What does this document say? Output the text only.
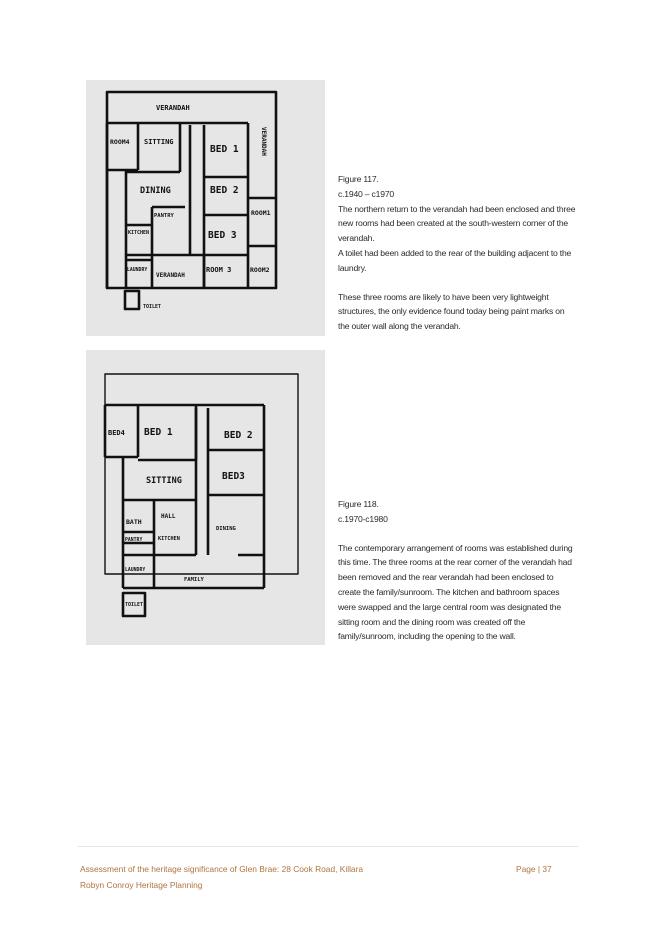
VERANDAH
VERANDAH
ROOM4 SITTING
BED 1
DINING	BED 2
PANTRY	ROOM1
KITCHEN	BED 3
LAUNDRY
VERANDAH
ROOM 3	ROOM2
TOILET

Figure 117.

c.1940 – c1970

The northern return to the verandah had been enclosed and three new rooms had been created at the south-western corner of the verandah.

A toilet had been added to the rear of the building adjacent to the laundry.

These three rooms are likely to have been very lightweight structures, the only evidence found today being paint marks on the outer wall along the verandah.

BED4 BED 1	BED 2
SITTING	BED3
BATH
HALL
DINING
KITCHEN
PANTRY
LAUNDRY
FAMILY
TOILET

Figure 118.

c.1970-c1980

The contemporary arrangement of rooms was established during this time. The three rooms at the rear corner of the verandah had been removed and the rear verandah had been enclosed to create the family/sunroom. The kitchen and bathroom spaces were swapped and the large central room was designated the sitting room and the dining room was created off the family/sunroom, including the opening to the wall.

Assessment of the heritage significance of Glen Brae: 28 Cook Road, Killara
Robyn Conroy Heritage Planning
Page | 37
